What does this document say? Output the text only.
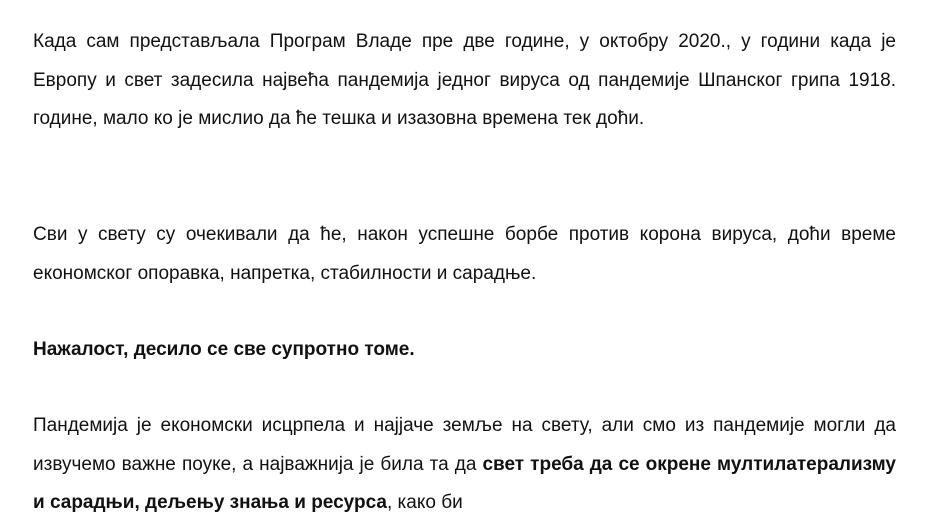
Када сам представљала Програм Владе пре две године, у октобру 2020., у години када је Европу и свет задесила највећа пандемија једног вируса од пандемије Шпанског грипа 1918. године, мало ко је мислио да ће тешка и изазовна времена тек доћи.

Сви у свету су очекивали да ће, након успешне борбе против корона вируса, доћи време економског опоравка, напретка, стабилности и сарадње.

Нажалост, десило се све супротно томе.

Пандемија је економски исцрпела и најјаче земље на свету, али смо из пандемије могли да извучемо важне поуке, а најважнија је била та да свет треба да се окрене мултилатерализму и сарадњи, дељењу знања и ресурса, како би
